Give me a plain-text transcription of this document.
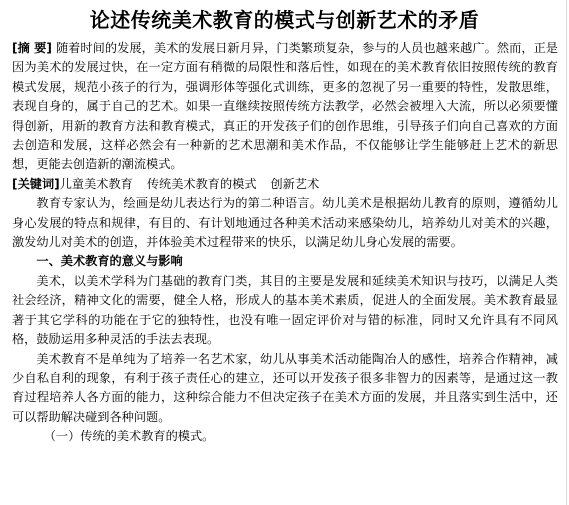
论述传统美术教育的模式与创新艺术的矛盾

[摘 要] 随着时间的发展，美术的发展日新月异，门类繁琐复杂，参与的人员也越来越广。然而，正是因为美术的发展过快，在一定方面有稍微的局限性和落后性，如现在的美术教育依旧按照传统的教育模式发展，规范小孩子的行为，强调形体等强化式训练，更多的忽视了另一重要的特性，发散思维，表现自身的，属于自己的艺术。如果一直继续按照传统方法教学，必然会被埋入大流，所以必须要懂得创新，用新的教育方法和教育模式，真正的开发孩子们的创作思维，引导孩子们向自己喜欢的方面去创造和发展，这样必然会有一种新的艺术思潮和美术作品，不仅能够让学生能够赶上艺术的新思想，更能去创造新的潮流模式。

[关键词]儿童美术教育 传统美术教育的模式 创新艺术

教育专家认为，绘画是幼儿表达行为的第二种语言。幼儿美术是根据幼儿教育的原则，遵循幼儿身心发展的特点和规律，有目的、有计划地通过各种美术活动来感染幼儿，培养幼儿对美术的兴趣，激发幼儿对美术的创造，并体验美术过程带来的快乐，以满足幼儿身心发展的需要。

一、美术教育的意义与影响

美术，以美术学科为门基础的教育门类，其目的主要是发展和延续美术知识与技巧，以满足人类社会经济，精神文化的需要，健全人格，形成人的基本美术素质，促进人的全面发展。美术教育最显著于其它学科的功能在于它的独特性，也没有唯一固定评价对与错的标准，同时又允许具有不同风格，鼓励运用多种灵活的手法去表现。

美术教育不是单纯为了培养一名艺术家，幼儿从事美术活动能陶冶人的感性，培养合作精神，减少自私自利的现象，有利于孩子责任心的建立，还可以开发孩子很多非智力的因素等，是通过这一教育过程培养人各方面的能力，这种综合能力不但决定孩子在美术方面的发展，并且落实到生活中，还可以帮助解决碰到各种问题。

（一）传统的美术教育的模式。
